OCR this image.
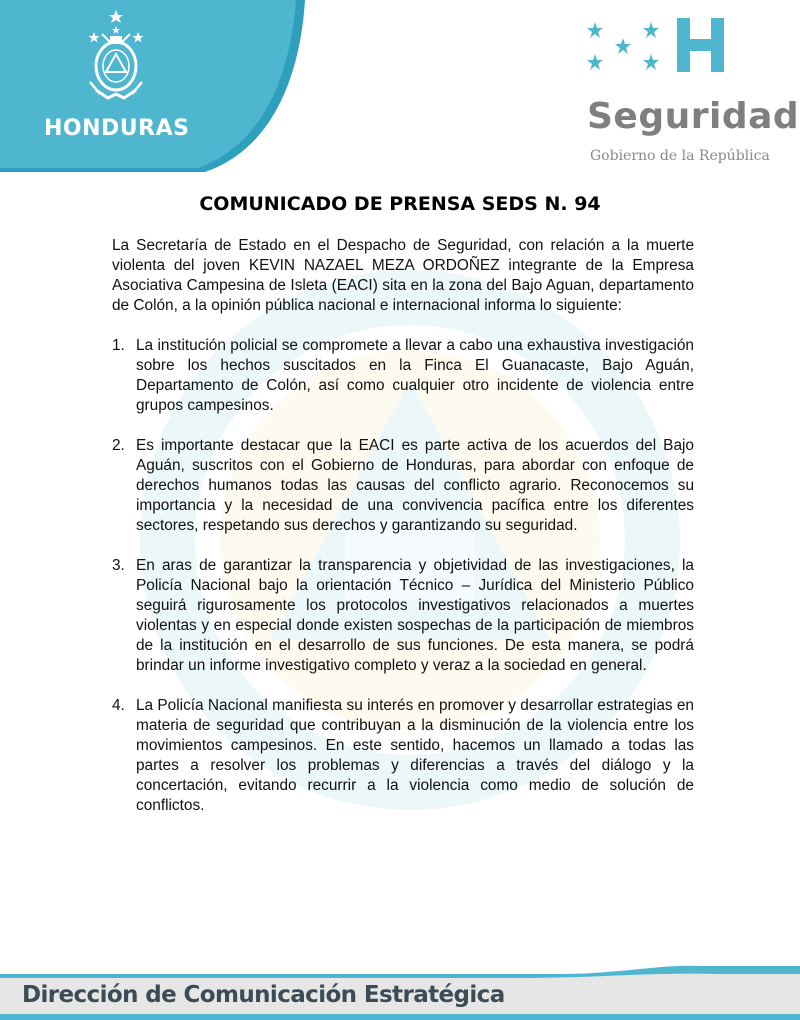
HONDURAS	Seguridad
Gobierno de la República
COMUNICADO DE PRENSA SEDS N. 94

La Secretaría de Estado en el Despacho de Seguridad, con relación a la muerte violenta del joven KEVIN NAZAEL MEZA ORDOÑEZ integrante de la Empresa Asociativa Campesina de Isleta (EACI) sita en la zona del Bajo Aguan, departamento de Colón, a la opinión pública nacional e internacional informa lo siguiente:

1. La institución policial se compromete a llevar a cabo una exhaustiva investigación sobre los hechos suscitados en la Finca El Guanacaste, Bajo Aguán, Departamento de Colón, así como cualquier otro incidente de violencia entre grupos campesinos.
2. Es importante destacar que la EACI es parte activa de los acuerdos del Bajo Aguán, suscritos con el Gobierno de Honduras, para abordar con enfoque de derechos humanos todas las causas del conflicto agrario. Reconocemos su importancia y la necesidad de una convivencia pacífica entre los diferentes sectores, respetando sus derechos y garantizando su seguridad.
3. En aras de garantizar la transparencia y objetividad de las investigaciones, la Policía Nacional bajo la orientación Técnico – Jurídica del Ministerio Público seguirá rigurosamente los protocolos investigativos relacionados a muertes violentas y en especial donde existen sospechas de la participación de miembros de la institución en el desarrollo de sus funciones. De esta manera, se podrá brindar un informe investigativo completo y veraz a la sociedad en general.
4. La Policía Nacional manifiesta su interés en promover y desarrollar estrategias en materia de seguridad que contribuyan a la disminución de la violencia entre los movimientos campesinos. En este sentido, hacemos un llamado a todas las partes a resolver los problemas y diferencias a través del diálogo y la concertación, evitando recurrir a la violencia como medio de solución de conflictos.
Dirección de Comunicación Estratégica
